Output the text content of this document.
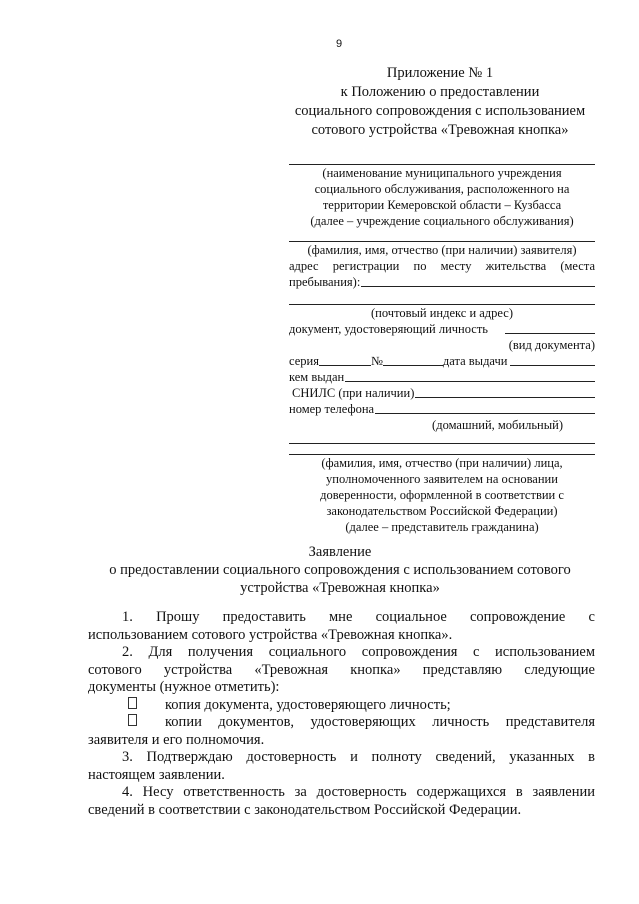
9
Приложение № 1
к Положению о предоставлении
социального сопровождения с использованием
сотового устройства «Тревожная кнопка»
(наименование муниципального учреждения
социального обслуживания, расположенного на
территории Кемеровской области – Кузбасса
(далее – учреждение социального обслуживания)
(фамилия, имя, отчество (при наличии) заявителя)
адрес регистрации по месту жительства (места
пребывания):
(почтовый индекс и адрес)
документ, удостоверяющий личность
(вид документа)
серия	№	дата выдачи
кем выдан
СНИЛС (при наличии)
номер телефона
(домашний, мобильный)
(фамилия, имя, отчество (при наличии) лица,
уполномоченного заявителем на основании
доверенности, оформленной в соответствии с
законодательством Российской Федерации)
(далее – представитель гражданина)
Заявление
о предоставлении социального сопровождения с использованием сотового
устройства «Тревожная кнопка»

1. Прошу предоставить мне социальное сопровождение с

использованием сотового устройства «Тревожная кнопка».

2. Для получения социального сопровождения с использованием

сотового устройства «Тревожная кнопка» представляю следующие

документы (нужное отметить):

копия документа, удостоверяющего личность;
копии документов, удостоверяющих личность представителя

заявителя и его полномочия.

3. Подтверждаю достоверность и полноту сведений, указанных в

настоящем заявлении.

4. Несу ответственность за достоверность содержащихся в заявлении

сведений в соответствии с законодательством Российской Федерации.
